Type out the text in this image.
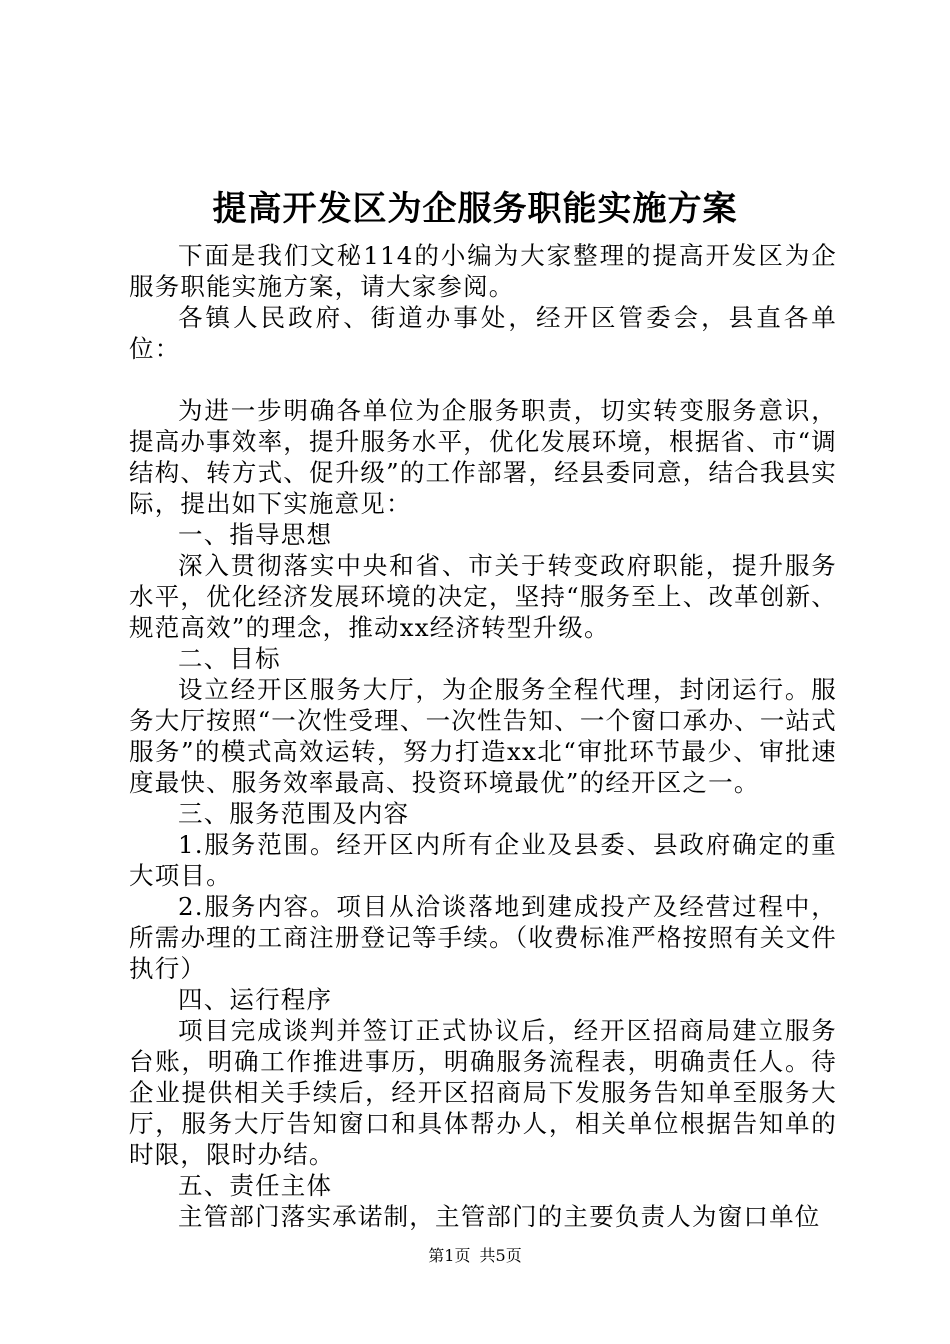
提高开发区为企服务职能实施方案

下面是我们文秘114的小编为大家整理的提高开发区为企服务职能实施方案，请大家参阅。

各镇人民政府、街道办事处，经开区管委会，县直各单位：

为进一步明确各单位为企服务职责，切实转变服务意识，提高办事效率，提升服务水平，优化发展环境，根据省、市“调结构、转方式、促升级”的工作部署，经县委同意，结合我县实际，提出如下实施意见：

一、指导思想

深入贯彻落实中央和省、市关于转变政府职能，提升服务水平，优化经济发展环境的决定，坚持“服务至上、改革创新、规范高效”的理念，推动xx经济转型升级。

二、目标

设立经开区服务大厅，为企服务全程代理，封闭运行。服务大厅按照“一次性受理、一次性告知、一个窗口承办、一站式服务”的模式高效运转，努力打造xx北“审批环节最少、审批速度最快、服务效率最高、投资环境最优”的经开区之一。

三、服务范围及内容

1.服务范围。经开区内所有企业及县委、县政府确定的重大项目。

2.服务内容。项目从洽谈落地到建成投产及经营过程中，所需办理的工商注册登记等手续。（收费标准严格按照有关文件执行）

四、运行程序

项目完成谈判并签订正式协议后，经开区招商局建立服务台账，明确工作推进事历，明确服务流程表，明确责任人。待企业提供相关手续后，经开区招商局下发服务告知单至服务大厅，服务大厅告知窗口和具体帮办人，相关单位根据告知单的时限，限时办结。

五、责任主体

主管部门落实承诺制，主管部门的主要负责人为窗口单位

第1页 共5页
